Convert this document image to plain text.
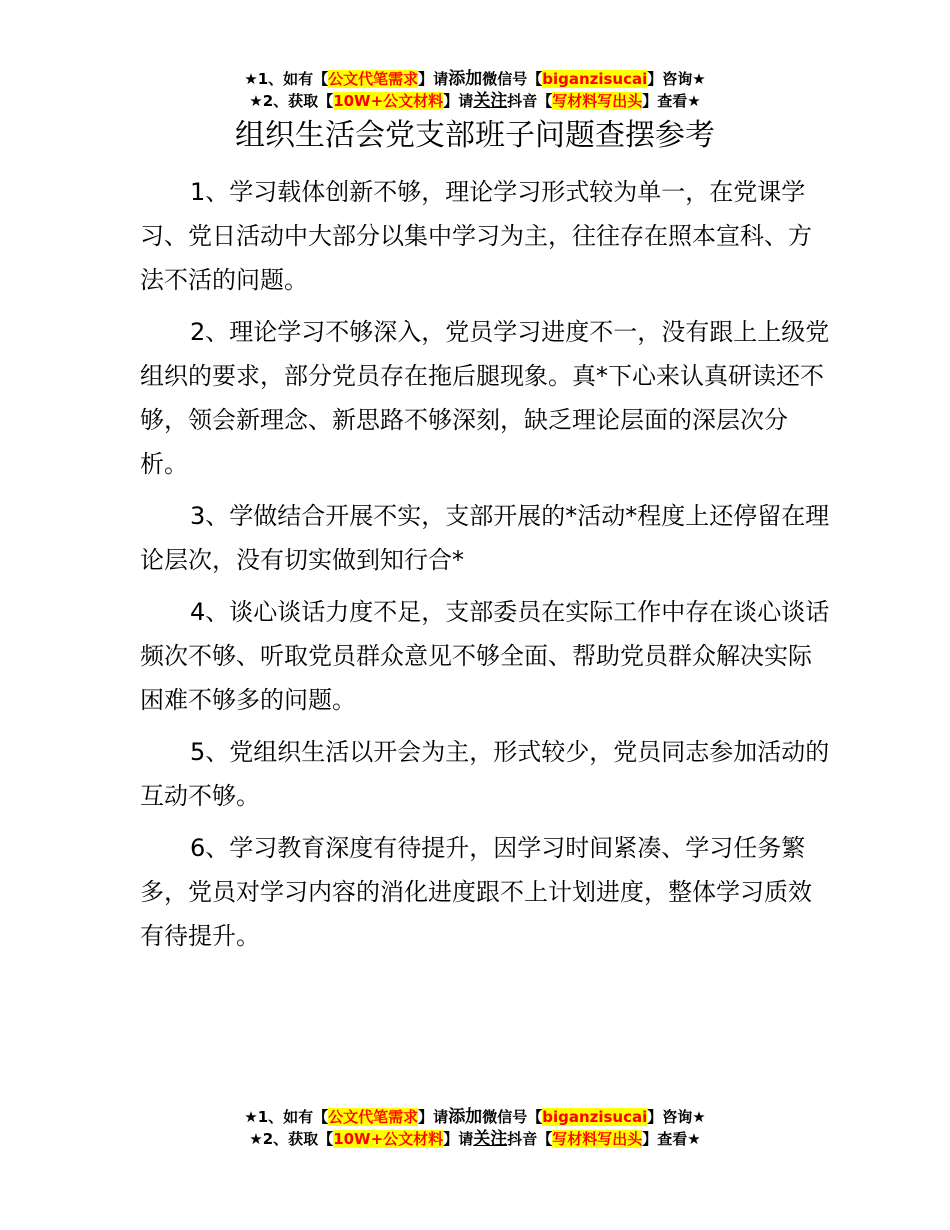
★1、如有【公文代笔需求】请添加微信号【biganzisucai】咨询★
★2、获取【10W+公文材料】请关注抖音【写材料写出头】查看★
组织生活会党支部班子问题查摆参考

1、学习载体创新不够，理论学习形式较为单一，在党课学习、党日活动中大部分以集中学习为主，往往存在照本宣科、方法不活的问题。

2、理论学习不够深入，党员学习进度不一，没有跟上上级党组织的要求，部分党员存在拖后腿现象。真*下心来认真研读还不够，领会新理念、新思路不够深刻，缺乏理论层面的深层次分析。

3、学做结合开展不实，支部开展的*活动*程度上还停留在理论层次，没有切实做到知行合*

4、谈心谈话力度不足，支部委员在实际工作中存在谈心谈话频次不够、听取党员群众意见不够全面、帮助党员群众解决实际困难不够多的问题。

5、党组织生活以开会为主，形式较少，党员同志参加活动的互动不够。

6、学习教育深度有待提升，因学习时间紧凑、学习任务繁多，党员对学习内容的消化进度跟不上计划进度，整体学习质效有待提升。

★1、如有【公文代笔需求】请添加微信号【biganzisucai】咨询★
★2、获取【10W+公文材料】请关注抖音【写材料写出头】查看★
